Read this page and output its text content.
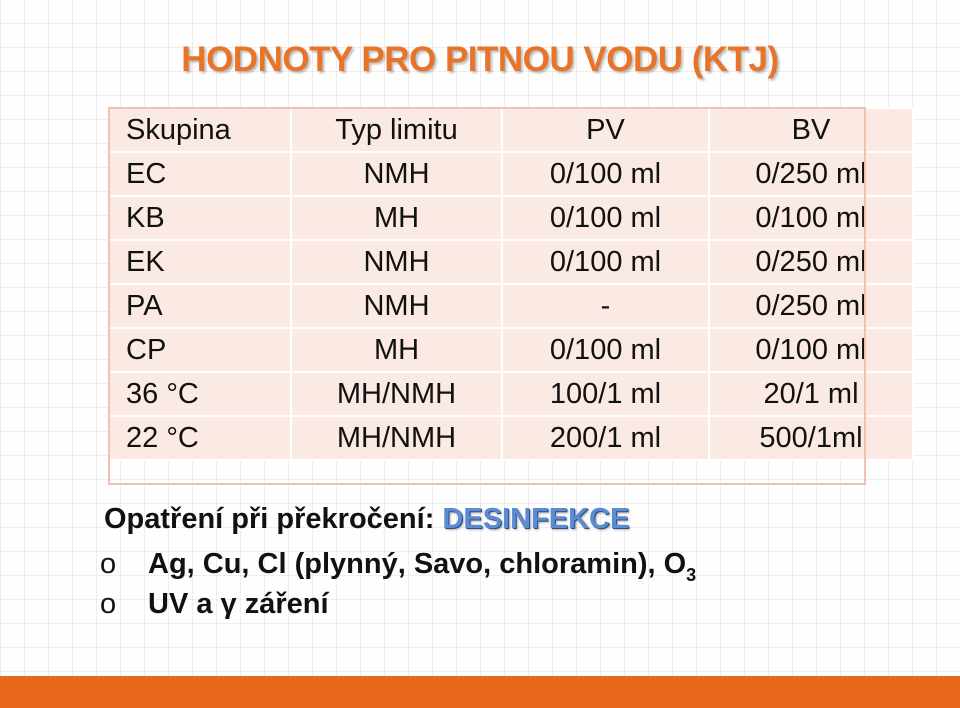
HODNOTY PRO PITNOU VODU (KTJ)
Skupina	Typ limitu	PV	BV
EC	NMH	0/100 ml	0/250 ml
KB	MH	0/100 ml	0/100 ml
EK	NMH	0/100 ml	0/250 ml
PA	NMH	-	0/250 ml
CP	MH	0/100 ml	0/100 ml
36 °C	MH/NMH	100/1 ml	20/1 ml
22 °C	MH/NMH	200/1 ml	500/1ml
Opatření při překročení: DESINFEKCE
o Ag, Cu, Cl (plynný, Savo, chloramin), $O_3$
o UV a γ záření
